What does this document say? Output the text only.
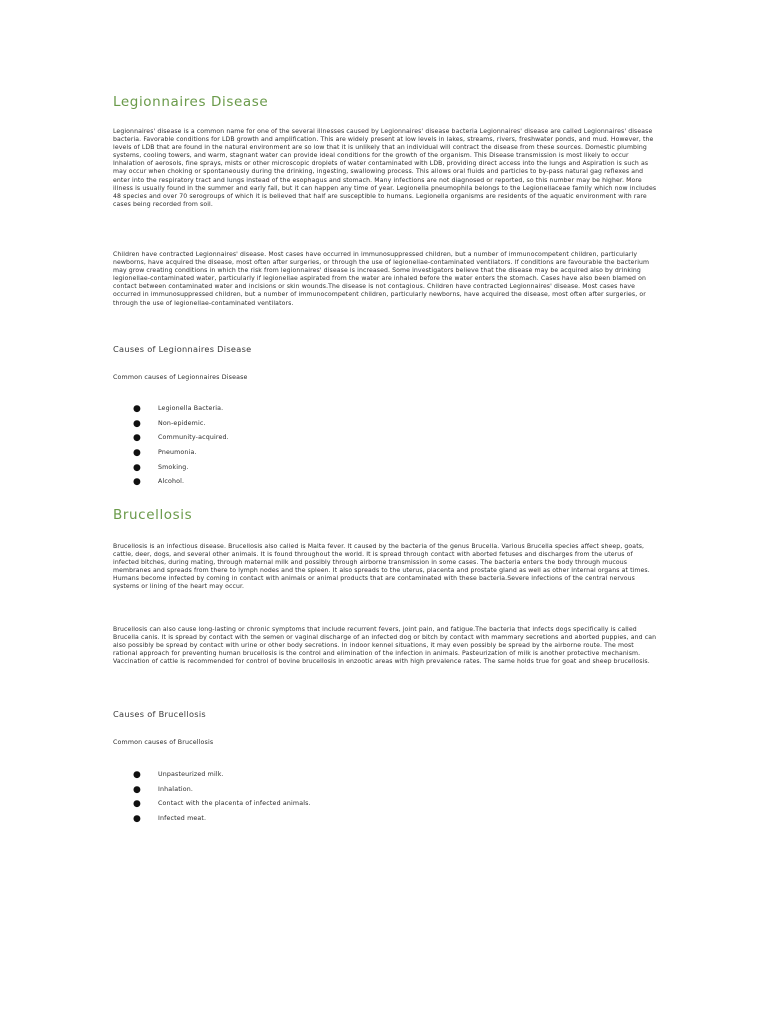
Legionnaires Disease

Legionnaires' disease is a common name for one of the several illnesses caused by Legionnaires' disease bacteria Legionnaires' disease are called Legionnaires' disease bacteria. Favorable conditions for LDB growth and amplification. This are widely present at low levels in lakes, streams, rivers, freshwater ponds, and mud. However, the levels of LDB that are found in the natural environment are so low that it is unlikely that an individual will contract the disease from these sources. Domestic plumbing systems, cooling towers, and warm, stagnant water can provide ideal conditions for the growth of the organism. This Disease transmission is most likely to occur Inhalation of aerosols, fine sprays, mists or other microscopic droplets of water contaminated with LDB, providing direct access into the lungs and Aspiration is such as may occur when choking or spontaneously during the drinking, ingesting, swallowing process. This allows oral fluids and particles to by-pass natural gag reflexes and enter into the respiratory tract and lungs instead of the esophagus and stomach. Many infections are not diagnosed or reported, so this number may be higher. More illness is usually found in the summer and early fall, but it can happen any time of year. Legionella pneumophila belongs to the Legionellaceae family which now includes 48 species and over 70 serogroups of which it is believed that half are susceptible to humans. Legionella organisms are residents of the aquatic environment with rare cases being recorded from soil.

Children have contracted Legionnaires' disease. Most cases have occurred in immunosuppressed children, but a number of immunocompetent children, particularly newborns, have acquired the disease, most often after surgeries, or through the use of legionellae-contaminated ventilators. If conditions are favourable the bacterium may grow creating conditions in which the risk from legionnaires' disease is increased. Some investigators believe that the disease may be acquired also by drinking legionellae-contaminated water, particularly if legionellae aspirated from the water are inhaled before the water enters the stomach. Cases have also been blamed on contact between contaminated water and incisions or skin wounds.The disease is not contagious. Children have contracted Legionnaires' disease. Most cases have occurred in immunosuppressed children, but a number of immunocompetent children, particularly newborns, have acquired the disease, most often after surgeries, or through the use of legionellae-contaminated ventilators.

Causes of Legionnaires Disease

Common causes of Legionnaires Disease

●	Legionella Bacteria.
●	Non-epidemic.
●	Community-acquired.
●	Pneumonia.
●	Smoking.
●	Alcohol.
Brucellosis

Brucellosis is an infectious disease. Brucellosis also called is Malta fever. It caused by the bacteria of the genus Brucella. Various Brucella species affect sheep, goats, cattle, deer, dogs, and several other animals. It is found throughout the world. It is spread through contact with aborted fetuses and discharges from the uterus of infected bitches, during mating, through maternal milk and possibly through airborne transmission in some cases. The bacteria enters the body through mucous membranes and spreads from there to lymph nodes and the spleen. It also spreads to the uterus, placenta and prostate gland as well as other internal organs at times. Humans become infected by coming in contact with animals or animal products that are contaminated with these bacteria.Severe infections of the central nervous systems or lining of the heart may occur.

Brucellosis can also cause long-lasting or chronic symptoms that include recurrent fevers, joint pain, and fatigue.The bacteria that infects dogs specifically is called Brucella canis. It is spread by contact with the semen or vaginal discharge of an infected dog or bitch by contact with mammary secretions and aborted puppies, and can also possibly be spread by contact with urine or other body secretions. In indoor kennel situations, it may even possibly be spread by the airborne route. The most rational approach for preventing human brucellosis is the control and elimination of the infection in animals. Pasteurization of milk is another protective mechanism. Vaccination of cattle is recommended for control of bovine brucellosis in enzootic areas with high prevalence rates. The same holds true for goat and sheep brucellosis.

Causes of Brucellosis

Common causes of Brucellosis

●	Unpasteurized milk.
●	Inhalation.
●	Contact with the placenta of infected animals.
●	Infected meat.
